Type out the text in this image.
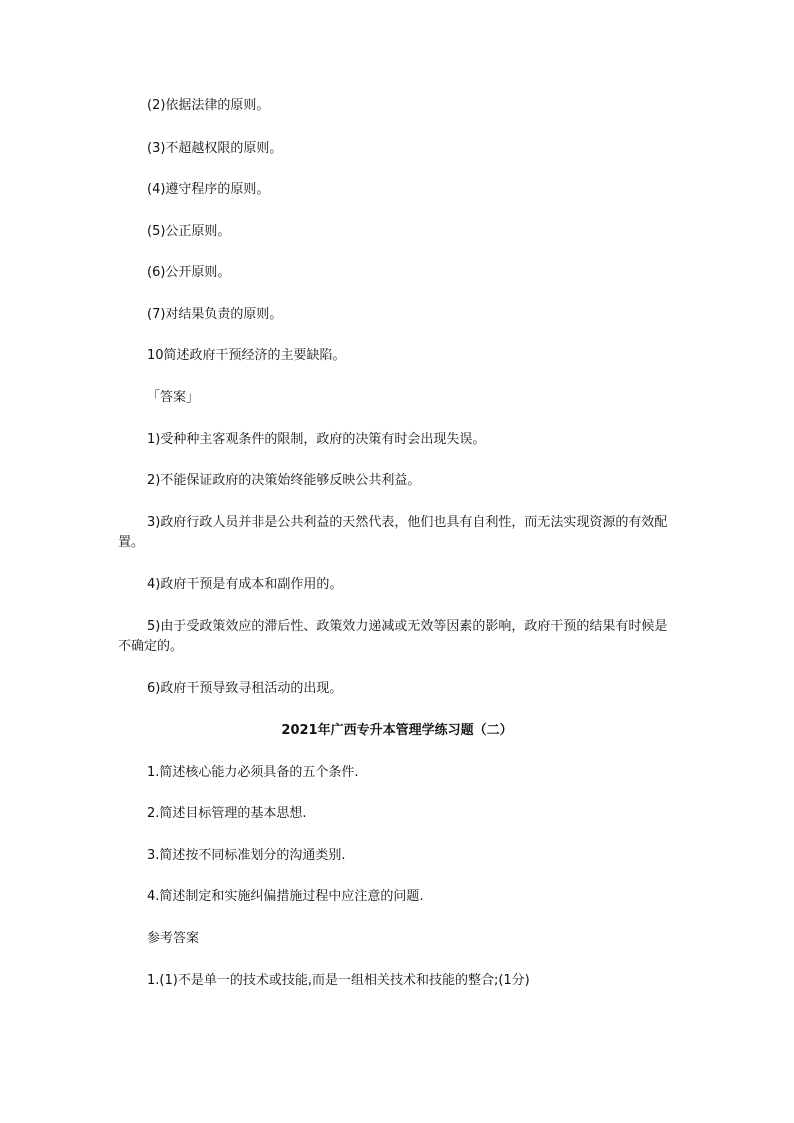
(2)依据法律的原则。
(3)不超越权限的原则。
(4)遵守程序的原则。
(5)公正原则。
(6)公开原则。
(7)对结果负责的原则。
10简述政府干预经济的主要缺陷。
「答案」
1)受种种主客观条件的限制，政府的决策有时会出现失误。
2)不能保证政府的决策始终能够反映公共利益。
3)政府行政人员并非是公共利益的天然代表，他们也具有自利性，而无法实现资源的有效配置。
4)政府干预是有成本和副作用的。
5)由于受政策效应的滞后性、政策效力递减或无效等因素的影响，政府干预的结果有时候是不确定的。
6)政府干预导致寻租活动的出现。
2021年广西专升本管理学练习题（二）
1.简述核心能力必须具备的五个条件.
2.简述目标管理的基本思想.
3.简述按不同标准划分的沟通类别.
4.简述制定和实施纠偏措施过程中应注意的问题.
参考答案
1.(1)不是单一的技术或技能,而是一组相关技术和技能的整合;(1分)
